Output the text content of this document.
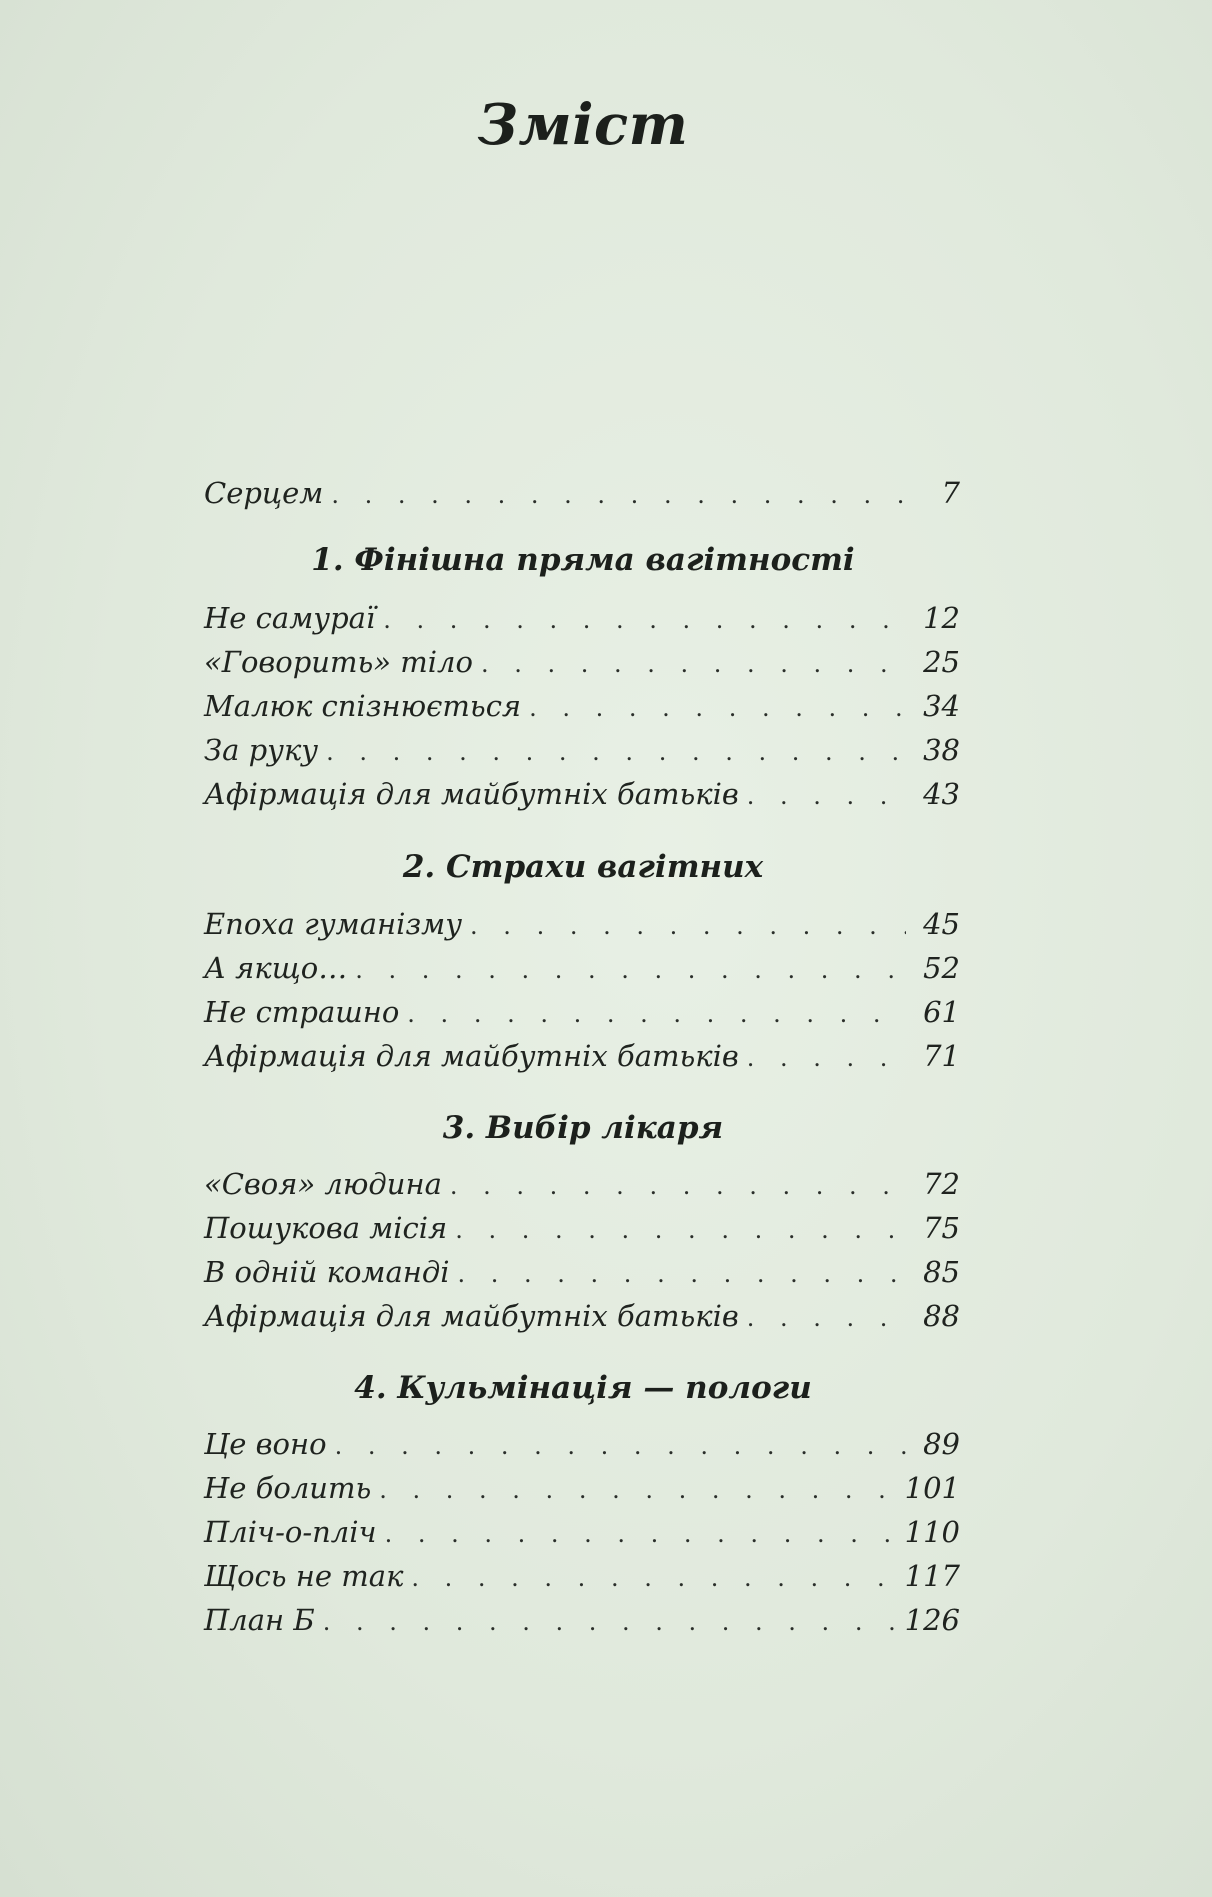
Зміст
Серцем . . .	7
1. Фінішна пряма вагітності
Не самураї . . .	12
«Говорить» тіло . . .	25
Малюк спізнюється . . .	34
За руку . . .	38
Афірмація для майбутніх батьків . . .	43
2. Страхи вагітних
Епоха гуманізму . . .	45
А якщо… . . .	52
Не страшно . . .	61
Афірмація для майбутніх батьків . . .	71
3. Вибір лікаря
«Своя» людина . . .	72
Пошукова місія . . .	75
В одній команді . . .	85
Афірмація для майбутніх батьків . . .	88
4. Кульмінація — пологи
Це воно . . .	89
Не болить . . .	101
Пліч-о-пліч . . .	110
Щось не так . . .	117
План Б . . .	126
